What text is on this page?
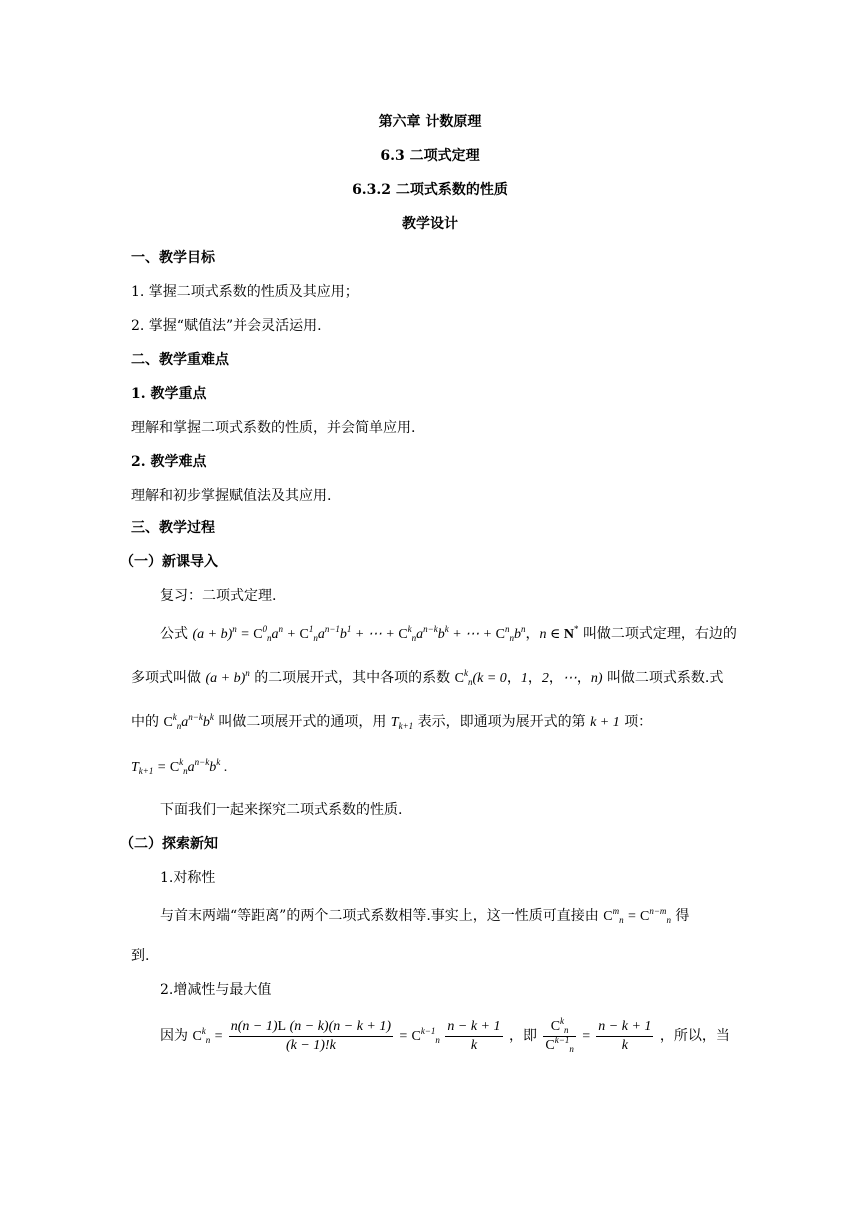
第六章 计数原理
6.3 二项式定理
6.3.2 二项式系数的性质
教学设计
一、教学目标
1. 掌握二项式系数的性质及其应用；
2. 掌握“赋值法”并会灵活运用.
二、教学重难点
1. 教学重点
理解和掌握二项式系数的性质，并会简单应用.
2. 教学难点
理解和初步掌握赋值法及其应用.
三、教学过程
（一）新课导入
复习：二项式定理.
公式 $(a + b)^n = C^0_na^n + C^1_na^{n-1}b^1$ + ⋯ + $C^k_na^{n-k}b^k$ + ⋯ + $C^n_nb^n$，n ∈ N* 叫做二项式定理，右边的
多项式叫做 $(a + b)^n$ 的二项展开式，其中各项的系数 $C^k_n(k = 0$，1，2，⋯，n) 叫做二项式系数.式
中的 $C^k_na^{n-k}b^k$ 叫做二项展开式的通项，用 $T_{k+1}$ 表示，即通项为展开式的第 k + 1 项：
$T_{k+1} = C^k_na^{n-k}b^k$ .
下面我们一起来探究二项式系数的性质.
（二）探索新知
1.对称性
与首末两端“等距离”的两个二项式系数相等.事实上，这一性质可直接由 $C^m_n = C^{n-m}_n$ 得
到.
2.增减性与最大值
因为 $C^k_n = \frac{n(n - 1)L (n - k)(n - k + 1)}{(k - 1)!k} = C^{k-1}_n \frac{n - k + 1}{k}$ ，即 $\frac{C^k_n}{C^{k-1}_n} = \frac{n - k + 1}{k}$ ，所以，当
